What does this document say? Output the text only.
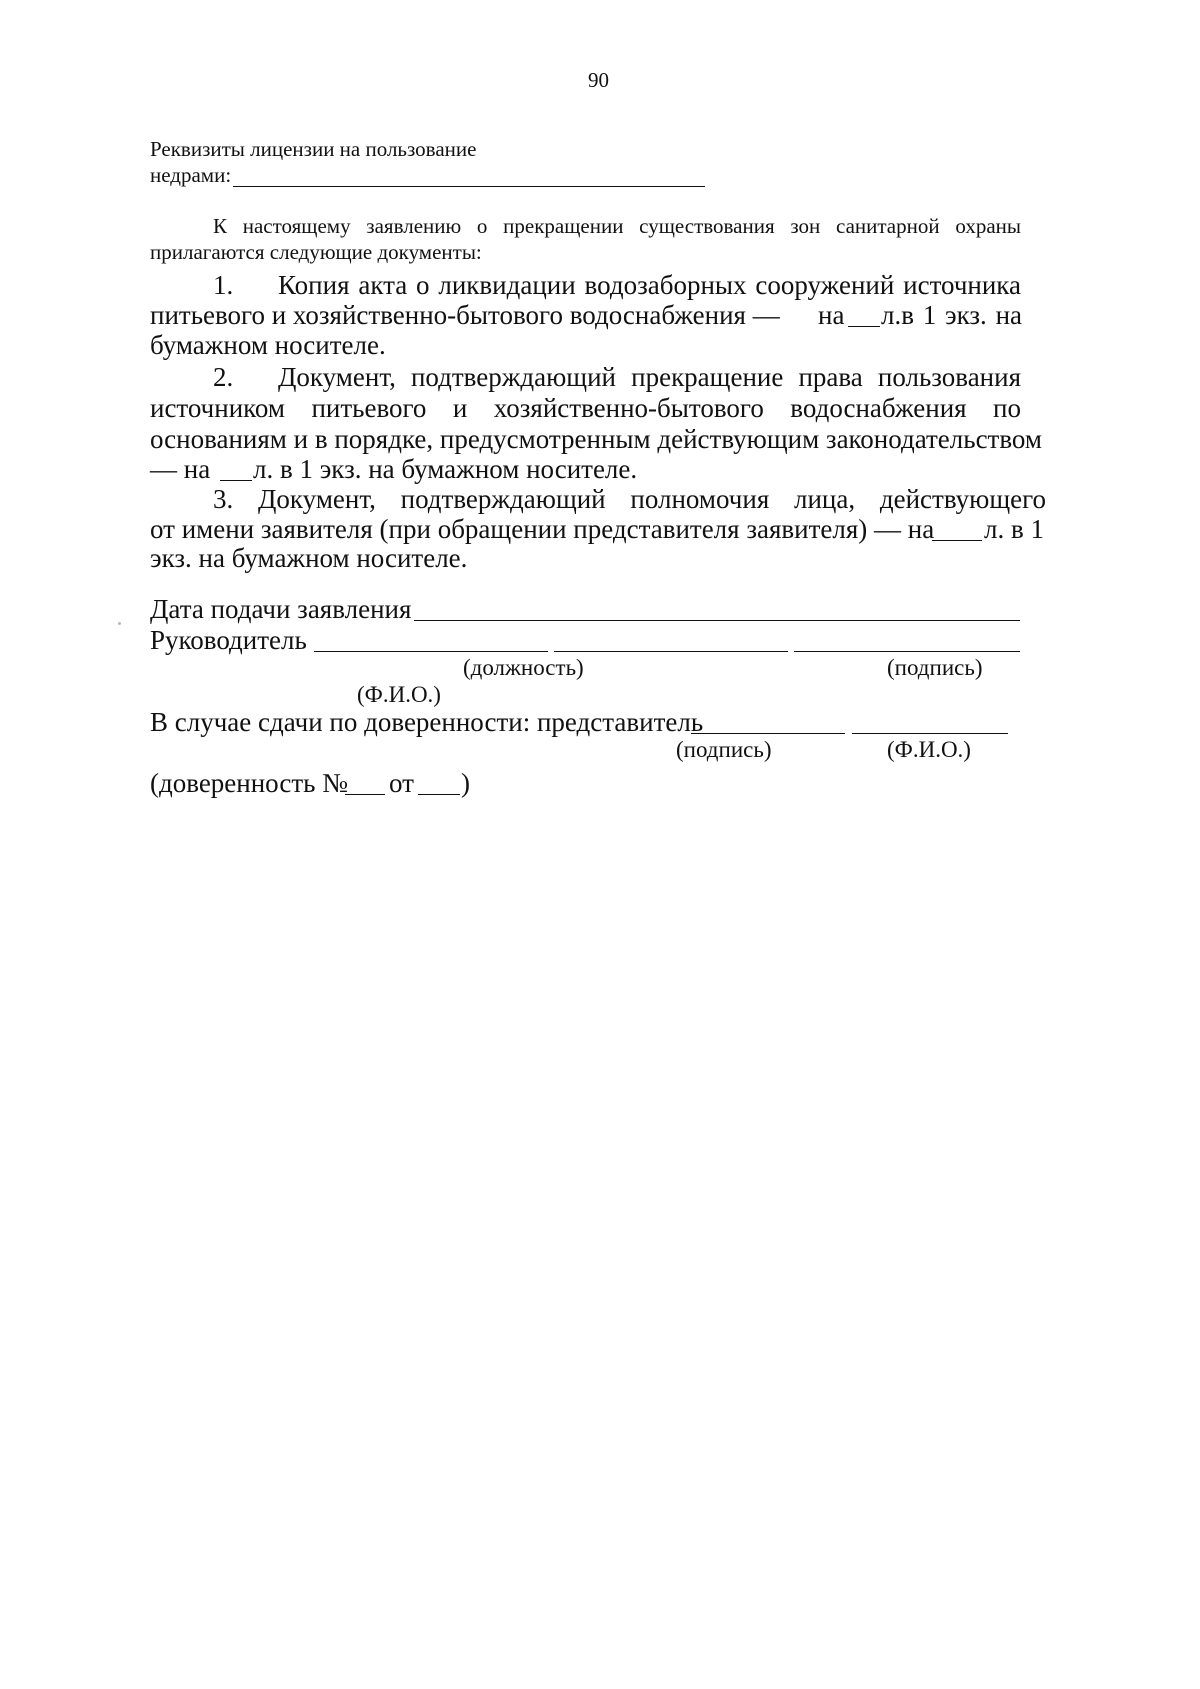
90
Реквизиты лицензии на пользование
недрами:
К настоящему заявлению о прекращении существования зон санитарной охраны
прилагаются следующие документы:
1. Копия акта о ликвидации водозаборных сооружений источника
питьевого и хозяйственно-бытового водоснабжения — на л.в 1 экз. на
бумажном носителе.
2. Документ, подтверждающий прекращение права пользования
источником питьевого и хозяйственно-бытового водоснабжения по
основаниям и в порядке, предусмотренным действующим законодательством
— на л. в 1 экз. на бумажном носителе.
3. Документ, подтверждающий полномочия лица, действующего
от имени заявителя (при обращении представителя заявителя) — на л. в 1
экз. на бумажном носителе.
Дата подачи заявления
Руководитель
(должность)	(подпись)
(Ф.И.О.)
В случае сдачи по доверенности: представитель
(подпись)	(Ф.И.О.)
(доверенность № от )
